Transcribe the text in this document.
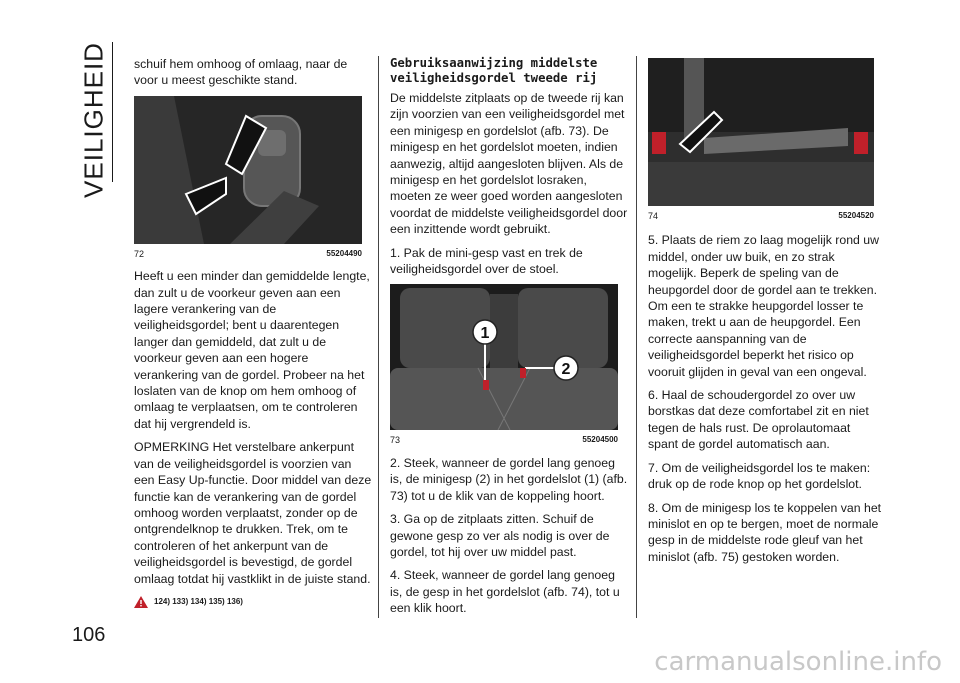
VEILIGHEID
106

schuif hem omhoog of omlaag, naar de voor u meest geschikte stand.

72	55204490

Heeft u een minder dan gemiddelde lengte, dan zult u de voorkeur geven aan een lagere verankering van de veiligheidsgordel; bent u daarentegen langer dan gemiddeld, dat zult u de voorkeur geven aan een hogere verankering van de gordel. Probeer na het loslaten van de knop om hem omhoog of omlaag te verplaatsen, om te controleren dat hij vergrendeld is.

OPMERKING Het verstelbare ankerpunt van de veiligheidsgordel is voorzien van een Easy Up-functie. Door middel van deze functie kan de verankering van de gordel omhoog worden verplaatst, zonder op de ontgrendelknop te drukken. Trek, om te controleren of het ankerpunt van de veiligheidsgordel is bevestigd, de gordel omlaag totdat hij vastklikt in de juiste stand.

124) 133) 134) 135) 136)
Gebruiksaanwijzing middelste veiligheidsgordel tweede rij

De middelste zitplaats op de tweede rij kan zijn voorzien van een veiligheidsgordel met een minigesp en gordelslot (afb. 73). De minigesp en het gordelslot moeten, indien aanwezig, altijd aangesloten blijven. Als de minigesp en het gordelslot losraken, moeten ze weer goed worden aangesloten voordat de middelste veiligheidsgordel door een inzittende wordt gebruikt.

1. Pak de mini-gesp vast en trek de veiligheidsgordel over de stoel.

1
2
73	55204500

2. Steek, wanneer de gordel lang genoeg is, de minigesp (2) in het gordelslot (1) (afb. 73) tot u de klik van de koppeling hoort.

3. Ga op de zitplaats zitten. Schuif de gewone gesp zo ver als nodig is over de gordel, tot hij over uw middel past.

4. Steek, wanneer de gordel lang genoeg is, de gesp in het gordelslot (afb. 74), tot u een klik hoort.

74	55204520

5. Plaats de riem zo laag mogelijk rond uw middel, onder uw buik, en zo strak mogelijk. Beperk de speling van de heupgordel door de gordel aan te trekken. Om een te strakke heupgordel losser te maken, trekt u aan de heupgordel. Een correcte aanspanning van de veiligheidsgordel beperkt het risico op vooruit glijden in geval van een ongeval.

6. Haal de schoudergordel zo over uw borstkas dat deze comfortabel zit en niet tegen de hals rust. De oprolautomaat spant de gordel automatisch aan.

7. Om de veiligheidsgordel los te maken: druk op de rode knop op het gordelslot.

8. Om de minigesp los te koppelen van het minislot en op te bergen, moet de normale gesp in de middelste rode gleuf van het minislot (afb. 75) gestoken worden.

carmanualsonline.info
